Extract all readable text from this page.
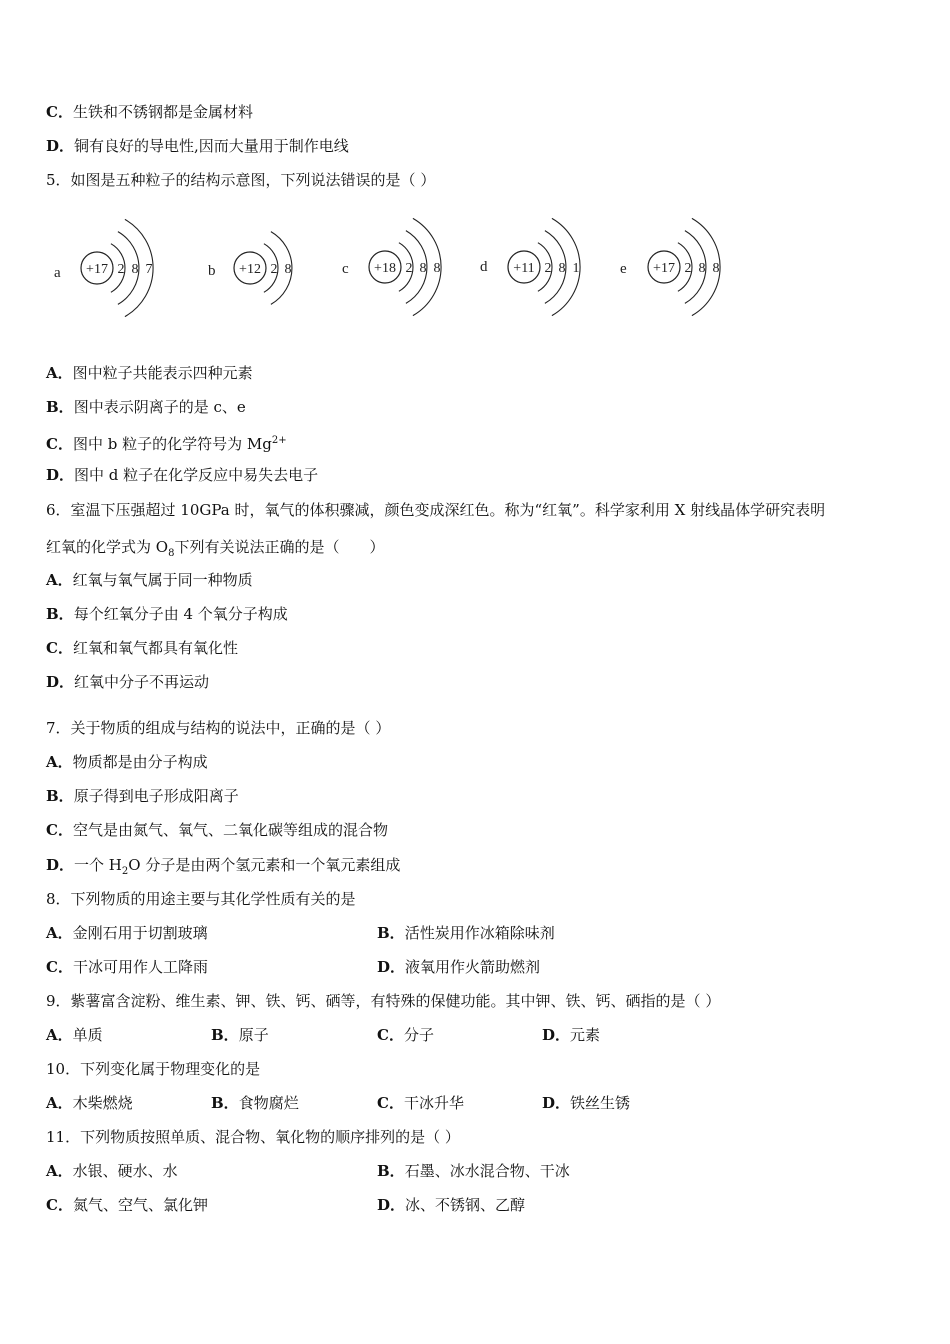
C．生铁和不锈钢都是金属材料
D．铜有良好的导电性,因而大量用于制作电线
5．如图是五种粒子的结构示意图，下列说法错误的是（ ）
a +17 2 8 7	b +12 2 8	c +18 2 8 8	d +11 2 8 1	e +17 2 8 8
A．图中粒子共能表示四种元素
B．图中表示阴离子的是 c、e
C．图中 b 粒子的化学符号为 $Mg^{2+}$
D．图中 d 粒子在化学反应中易失去电子
6．室温下压强超过 10GPa 时，氧气的体积骤减，颜色变成深红色。称为“红氧”。科学家利用 X 射线晶体学研究表明
红氧的化学式为 $O_8$下列有关说法正确的是（　　）
A．红氧与氧气属于同一种物质
B．每个红氧分子由 4 个氧分子构成
C．红氧和氧气都具有氧化性
D．红氧中分子不再运动
7．关于物质的组成与结构的说法中，正确的是（ ）
A．物质都是由分子构成
B．原子得到电子形成阳离子
C．空气是由氮气、氧气、二氧化碳等组成的混合物
D．一个 $H_2O$ 分子是由两个氢元素和一个氧元素组成
8．下列物质的用途主要与其化学性质有关的是
A．金刚石用于切割玻璃	B．活性炭用作冰箱除味剂
C．干冰可用作人工降雨	D．液氧用作火箭助燃剂
9．紫薯富含淀粉、维生素、钾、铁、钙、硒等，有特殊的保健功能。其中钾、铁、钙、硒指的是（ ）
A．单质	B．原子	C．分子	D．元素
10．下列变化属于物理变化的是
A．木柴燃烧	B．食物腐烂	C．干冰升华	D．铁丝生锈
11．下列物质按照单质、混合物、氧化物的顺序排列的是（ ）
A．水银、硬水、水	B．石墨、冰水混合物、干冰
C．氮气、空气、氯化钾	D．冰、不锈钢、乙醇
